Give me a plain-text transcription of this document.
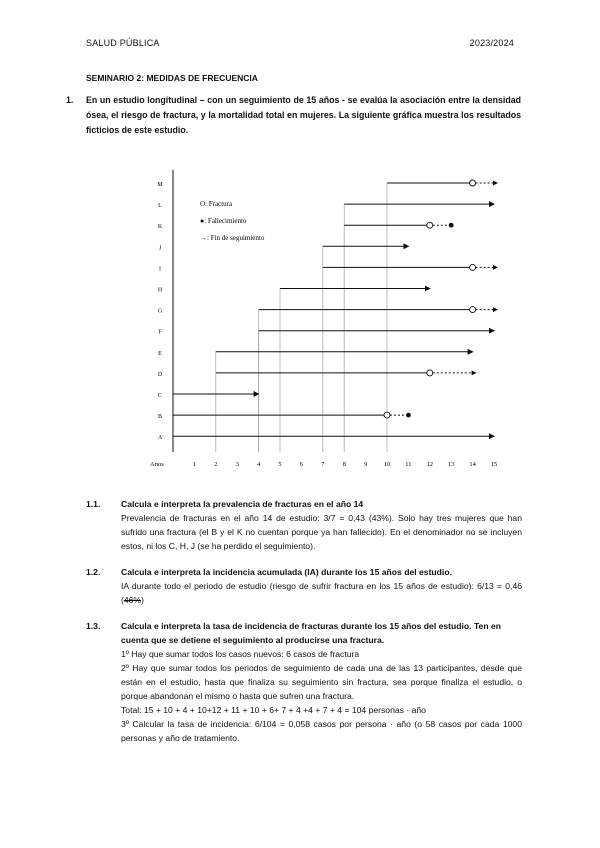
SALUD PÚBLICA	2023/2024
SEMINARIO 2: MEDIDAS DE FRECUENCIA
1. En un estudio longitudinal – con un seguimiento de 15 años - se evalúa la asociación entre la densidad ósea, el riesgo de fractura, y la mortalidad total en mujeres. La siguiente gráfica muestra los resultados ficticios de este estudio.
M
L
K
J
I
H
G
F
E
D
C
B
A
Anos	1	2	3	4	5	6	7	8	9	10 11 12 13 14 15
O: Fractura
●: Fallecimiento
→: Fin de seguimiento
1.1. Calcula e interpreta la prevalencia de fracturas en el año 14
Prevalencia de fracturas en el año 14 de estudio: 3/7 = 0,43 (43%). Solo hay tres mujeres que han sufrido una fractura (el B y el K no cuentan porque ya han fallecido). En el denominador no se incluyen estos, ni los C, H, J (se ha perdido el seguimiento).
1.2. Calcula e interpreta la incidencia acumulada (IA) durante los 15 años del estudio.
IA durante todo el periodo de estudio (riesgo de sufrir fractura en los 15 años de estudio): 6/13 = 0,46 (46%)
1.3. Calcula e interpreta la tasa de incidencia de fracturas durante los 15 años del estudio. Ten en cuenta que se detiene el seguimiento al producirse una fractura.

1º Hay que sumar todos los casos nuevos: 6 casos de fractura

2º Hay que sumar todos los periodos de seguimiento de cada una de las 13 participantes, desde que están en el estudio, hasta que finaliza su seguimiento sin fractura, sea porque finaliza el estudio, o porque abandonan el mismo o hasta que sufren una fractura.

Total: 15 + 10 + 4 + 10+12 + 11 + 10 + 6+ 7 + 4 +4 + 7 + 4 = 104 personas · año

3º Calcular la tasa de incidencia: 6/104 = 0,058 casos por persona · año (o 58 casos por cada 1000 personas y año de tratamiento.
